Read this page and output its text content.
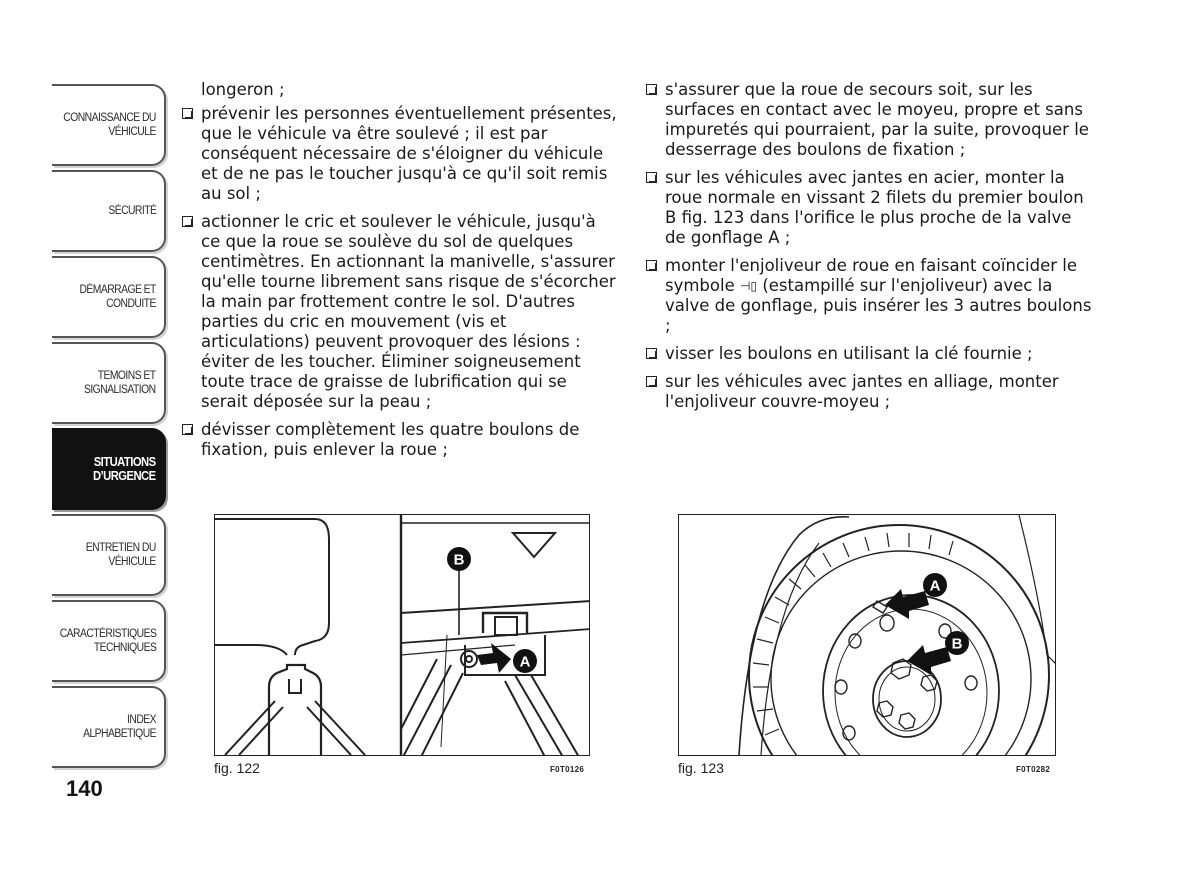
CONNAISSANCE DU
VÉHICULE
SÉCURITÉ
DÉMARRAGE ET
CONDUITE
TEMOINS ET
SIGNALISATION
SITUATIONS
D’URGENCE
ENTRETIEN DU
VÉHICULE
CARACTÉRISTIQUES
TECHNIQUES
INDEX
ALPHABETIQUE
140
longeron ;
prévenir les personnes éventuellement présentes, que le véhicule va être soulevé ; il est par conséquent nécessaire de s'éloigner du véhicule et de ne pas le toucher jusqu'à ce qu'il soit remis au sol ;
actionner le cric et soulever le véhicule, jusqu'à ce que la roue se soulève du sol de quelques centimètres. En actionnant la manivelle, s'assurer qu'elle tourne librement sans risque de s'écorcher la main par frottement contre le sol. D'autres parties du cric en mouvement (vis et articulations) peuvent provoquer des lésions : éviter de les toucher. Éliminer soigneusement toute trace de graisse de lubrification qui se serait déposée sur la peau ;
dévisser complètement les quatre boulons de fixation, puis enlever la roue ;
s'assurer que la roue de secours soit, sur les surfaces en contact avec le moyeu, propre et sans impuretés qui pourraient, par la suite, provoquer le desserrage des boulons de fixation ;
sur les véhicules avec jantes en acier, monter la roue normale en vissant 2 filets du premier boulon B fig. 123 dans l'orifice le plus proche de la valve de gonflage A ;
monter l'enjoliveur de roue en faisant coïncider le symbole ⊣▯ (estampillé sur l'enjoliveur) avec la valve de gonflage, puis insérer les 3 autres boulons ;
visser les boulons en utilisant la clé fournie ;
sur les véhicules avec jantes en alliage, monter l'enjoliveur couvre-moyeu ;
B
A
fig. 122	F0T0126
A
B
fig. 123	F0T0282
